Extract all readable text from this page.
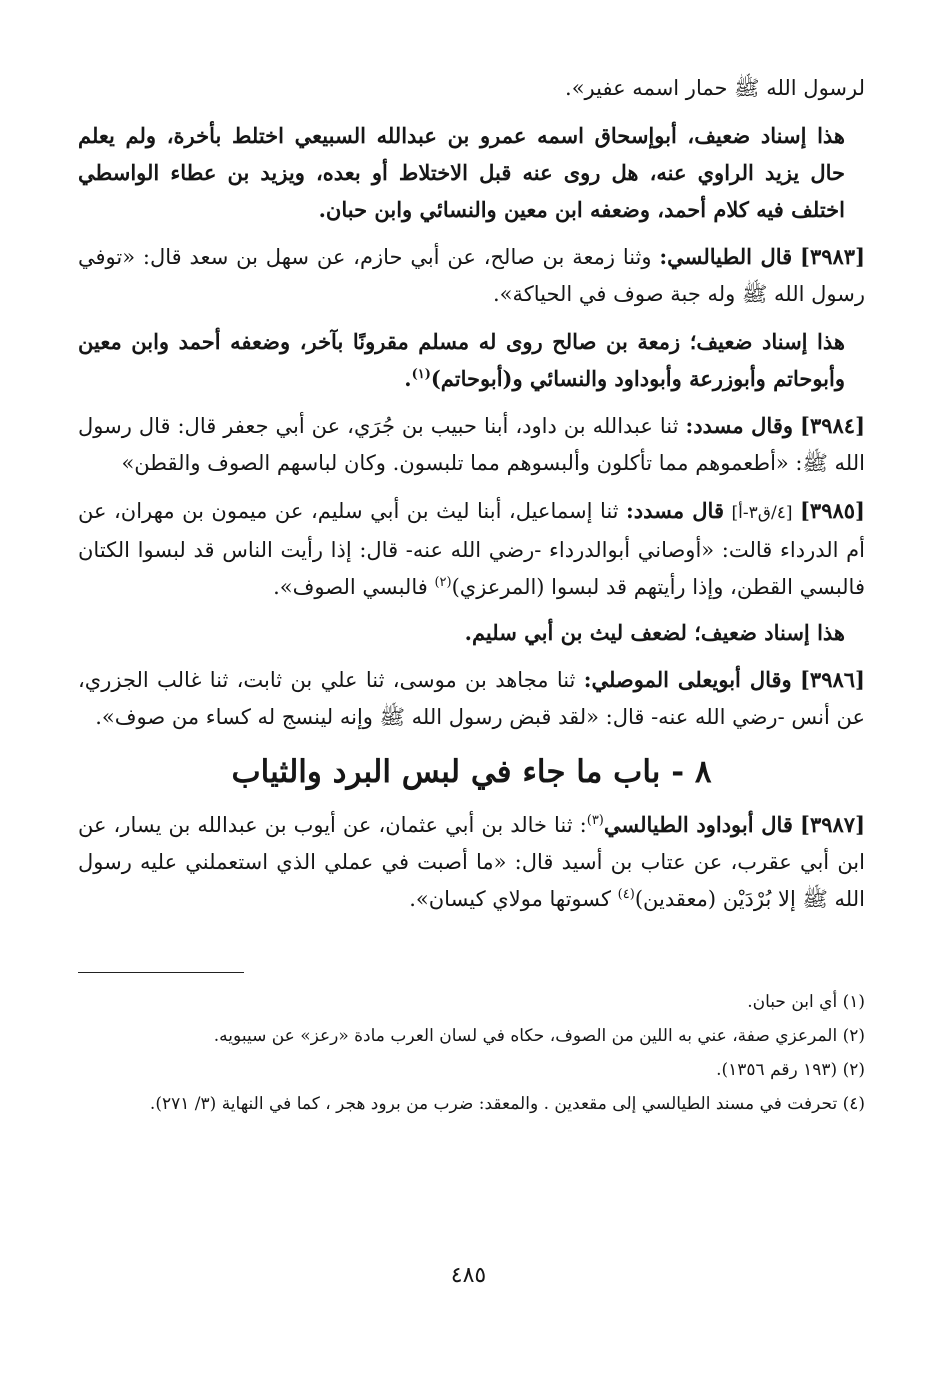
لرسول الله ﷺ حمار اسمه عفير».

هذا إسناد ضعيف، أبوإسحاق اسمه عمرو بن عبدالله السبيعي اختلط بأخرة، ولم يعلم حال يزيد الراوي عنه، هل روى عنه قبل الاختلاط أو بعده، ويزيد بن عطاء الواسطي اختلف فيه كلام أحمد، وضعفه ابن معين والنسائي وابن حبان.

[٣٩٨٣] قال الطيالسي: وثنا زمعة بن صالح، عن أبي حازم، عن سهل بن سعد قال: «توفي رسول الله ﷺ وله جبة صوف في الحياكة».

هذا إسناد ضعيف؛ زمعة بن صالح روى له مسلم مقرونًا بآخر، وضعفه أحمد وابن معين وأبوحاتم وأبوزرعة وأبوداود والنسائي و(أبوحاتم)$^{(١)}$.

[٣٩٨٤] وقال مسدد: ثنا عبدالله بن داود، أبنا حبيب بن جُرَي، عن أبي جعفر قال: قال رسول الله ﷺ: «أطعموهم مما تأكلون وألبسوهم مما تلبسون. وكان لباسهم الصوف والقطن»

[٣٩٨٥] [٤/ق٣-أ] قال مسدد: ثنا إسماعيل، أبنا ليث بن أبي سليم، عن ميمون بن مهران، عن أم الدرداء قالت: «أوصاني أبوالدرداء -رضي الله عنه- قال: إذا رأيت الناس قد لبسوا الكتان فالبسي القطن، وإذا رأيتهم قد لبسوا (المرعزي)$^{(٢)}$ فالبسي الصوف».

هذا إسناد ضعيف؛ لضعف ليث بن أبي سليم.

[٣٩٨٦] وقال أبويعلى الموصلي: ثنا مجاهد بن موسى، ثنا علي بن ثابت، ثنا غالب الجزري، عن أنس -رضي الله عنه- قال: «لقد قبض رسول الله ﷺ وإنه لينسج له كساء من صوف».

٨ - باب ما جاء في لبس البرد والثياب

[٣٩٨٧] قال أبوداود الطيالسي$^{(٣)}$: ثنا خالد بن أبي عثمان، عن أيوب بن عبدالله بن يسار، عن ابن أبي عقرب، عن عتاب بن أسيد قال: «ما أصبت في عملي الذي استعملني عليه رسول الله ﷺ إلا بُرْدَيْن (معقدين)$^{(٤)}$ كسوتها مولاي كيسان».

(١) أي ابن حبان.

(٢) المرعزي صفة، عني به اللين من الصوف، حكاه في لسان العرب مادة «رعز» عن سيبويه.

(٢) (١٩٣ رقم ١٣٥٦).

(٤) تحرفت في مسند الطيالسي إلى مقعدين . والمعقد: ضرب من برود هجر ، كما في النهاية (٣/ ٢٧١).

٤٨٥
